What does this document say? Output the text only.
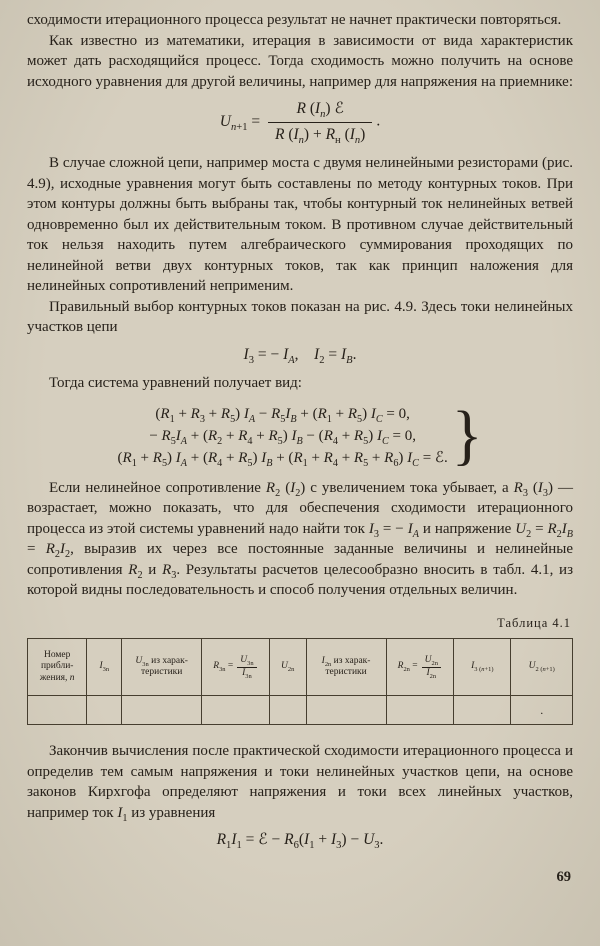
сходимости итерационного процесса результат не начнет практически повторяться.

Как известно из математики, итерация в зависимости от вида характеристик может дать расходящийся процесс. Тогда сходимость можно получить на основе исходного уравнения для другой величины, например для напряжения на приемнике:

$U_{n+1} = \frac{R (I_n) ℰ}{R (I_n) + R_н (I_n)}$ .

В случае сложной цепи, например моста с двумя нелинейными резисторами (рис. 4.9), исходные уравнения могут быть составлены по методу контурных токов. При этом контуры должны быть выбраны так, чтобы контурный ток нелинейных ветвей одновременно был их действительным током. В противном случае действительный ток нельзя находить путем алгебраического суммирования проходящих по нелинейной ветви двух контурных токов, так как принцип наложения для нелинейных сопротивлений неприменим.

Правильный выбор контурных токов показан на рис. 4.9. Здесь токи нелинейных участков цепи

$I_3$ = − $I_A$, $I_2 = I_B$.

Тогда система уравнений получает вид:

$(R_1 + R_3 + R_5) I_A - R_5I_B + (R_1 + R_5) I_C = 0$,
− $R_5I_A + (R_2 + R_4 + R_5) I_B - (R_4 + R_5) I_C = 0$,
$(R_1 + R_5) I_A + (R_4 + R_5) I_B + (R_1 + R_4 + R_5 + R_6) I_C$ = ℰ. }

Если нелинейное сопротивление $R_2$ $(I_2)$ с увеличением тока убывает, а $R_3$ $(I_3)$ — возрастает, можно показать, что для обеспечения сходимости итерационного процесса из этой системы уравнений надо найти ток $I_3$ = − $I_A$ и напряжение $U_2 = R_2I_B = R_2I_2$, выразив их через все постоянные заданные величины и нелинейные сопротивления $R_2$ и $R_3$. Результаты расчетов целесообразно вносить в табл. 4.1, из которой видны последовательность и способ получения отдельных величин.

Таблица 4.1
Номер приближения, n	$I_{3n}$	$U_{3n}$ из характеристики	$R_{3n} = \frac{U_{3n}}{I_{3n}}$	$U_{2n}$	$I_{2n}$ из характеристики	$R_{2n} = \frac{U_{2n}}{I_{2n}}$	$I_{3 (n+1)}$	$U_{2 (n+1)}$
								.

Закончив вычисления после практической сходимости итерационного процесса и определив тем самым напряжения и токи нелинейных участков цепи, на основе законов Кирхгофа определяют напряжения и токи всех линейных участков, например ток $I_1$ из уравнения

$R_1I_1$ = ℰ − $R_6(I_1 + I_3) - U_3$.
69
